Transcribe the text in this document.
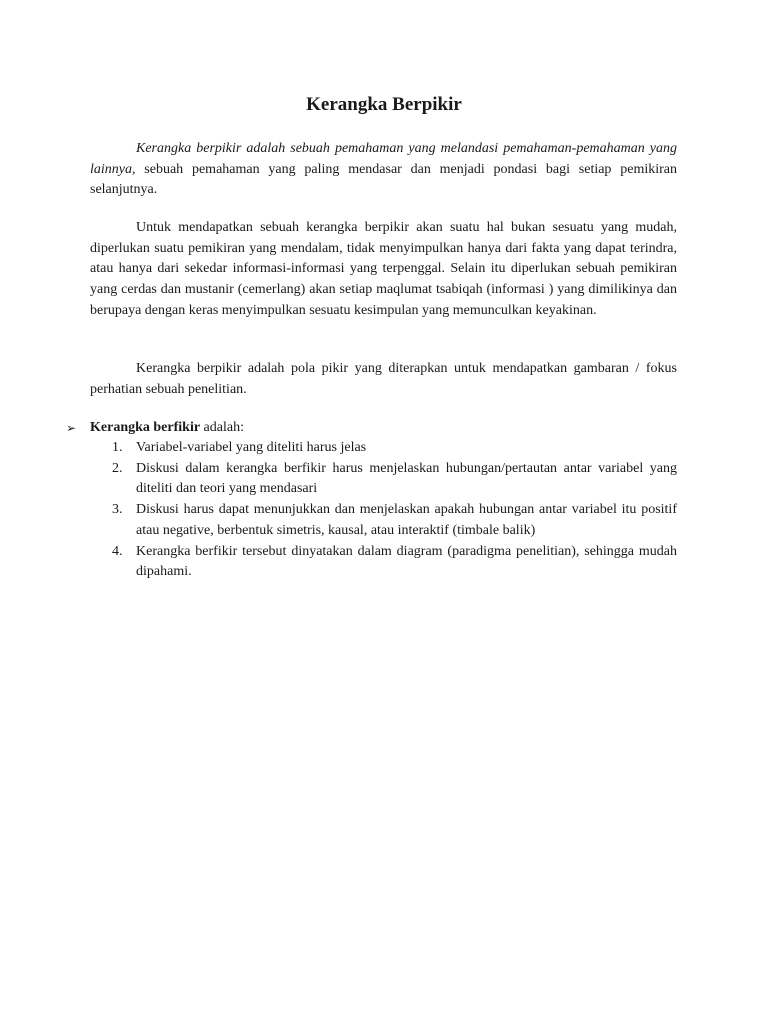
Kerangka Berpikir

Kerangka berpikir adalah sebuah pemahaman yang melandasi pemahaman-pemahaman yang lainnya, sebuah pemahaman yang paling mendasar dan menjadi pondasi bagi setiap pemikiran selanjutnya.

Untuk mendapatkan sebuah kerangka berpikir akan suatu hal bukan sesuatu yang mudah, diperlukan suatu pemikiran yang mendalam, tidak menyimpulkan hanya dari fakta yang dapat terindra, atau hanya dari sekedar informasi-informasi yang terpenggal. Selain itu diperlukan sebuah pemikiran yang cerdas dan mustanir (cemerlang) akan setiap maqlumat tsabiqah (informasi ) yang dimilikinya dan berupaya dengan keras menyimpulkan sesuatu kesimpulan yang memunculkan keyakinan.

Kerangka berpikir adalah pola pikir yang diterapkan untuk mendapatkan gambaran / fokus perhatian sebuah penelitian.

➢ Kerangka berfikir adalah:
1. Variabel-variabel yang diteliti harus jelas
2. Diskusi dalam kerangka berfikir harus menjelaskan hubungan/pertautan antar variabel yang diteliti dan teori yang mendasari
3. Diskusi harus dapat menunjukkan dan menjelaskan apakah hubungan antar variabel itu positif atau negative, berbentuk simetris, kausal, atau interaktif (timbale balik)
4. Kerangka berfikir tersebut dinyatakan dalam diagram (paradigma penelitian), sehingga mudah dipahami.
